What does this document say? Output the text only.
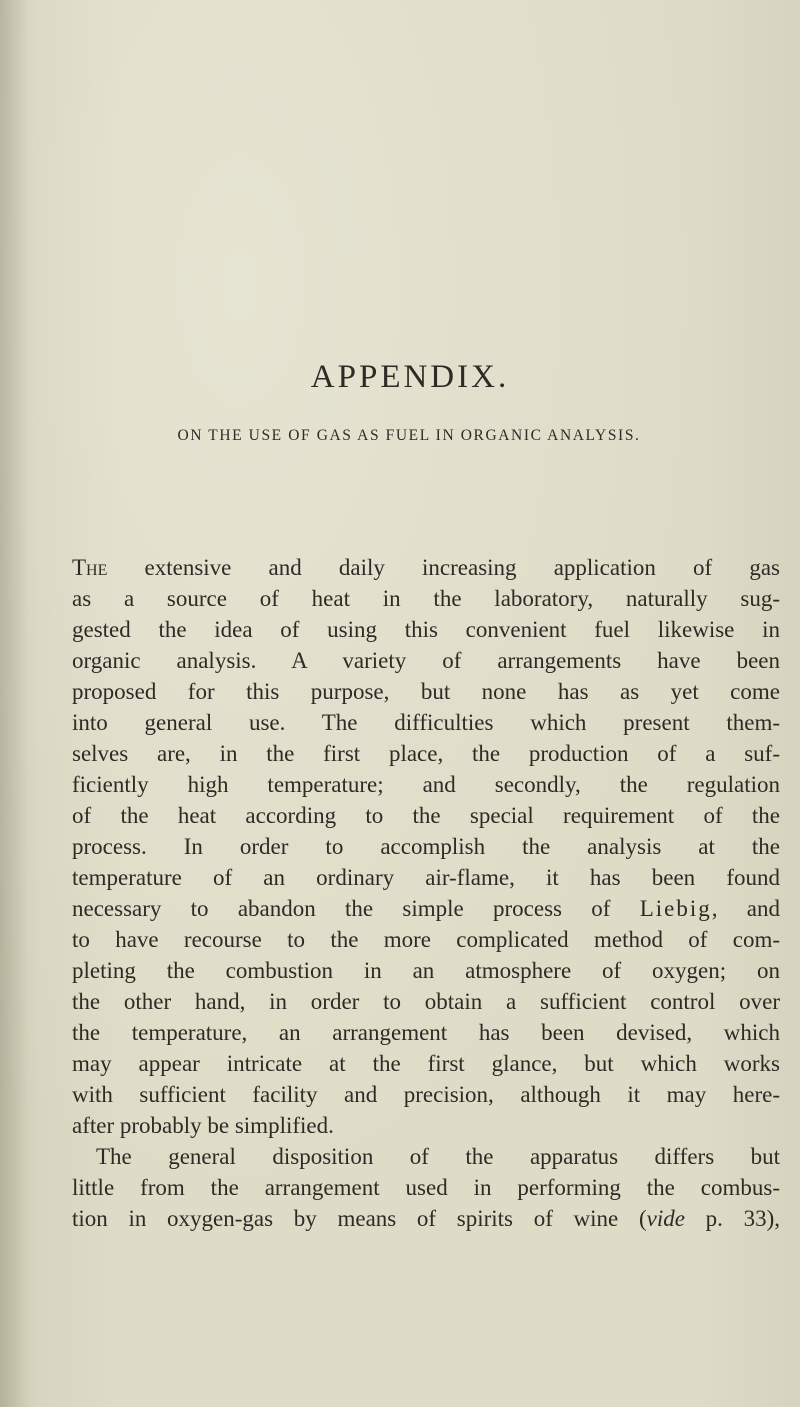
APPENDIX.
ON THE USE OF GAS AS FUEL IN ORGANIC ANALYSIS.
The extensive and daily increasing application of gas
as a source of heat in the laboratory, naturally sug-
gested the idea of using this convenient fuel likewise in
organic analysis. A variety of arrangements have been
proposed for this purpose, but none has as yet come
into general use. The difficulties which present them-
selves are, in the first place, the production of a suf-
ficiently high temperature; and secondly, the regulation
of the heat according to the special requirement of the
process. In order to accomplish the analysis at the
temperature of an ordinary air-flame, it has been found
necessary to abandon the simple process of Liebig, and
to have recourse to the more complicated method of com-
pleting the combustion in an atmosphere of oxygen; on
the other hand, in order to obtain a sufficient control over
the temperature, an arrangement has been devised, which
may appear intricate at the first glance, but which works
with sufficient facility and precision, although it may here-
after probably be simplified.
The general disposition of the apparatus differs but
little from the arrangement used in performing the combus-
tion in oxygen-gas by means of spirits of wine (vide p. 33),
